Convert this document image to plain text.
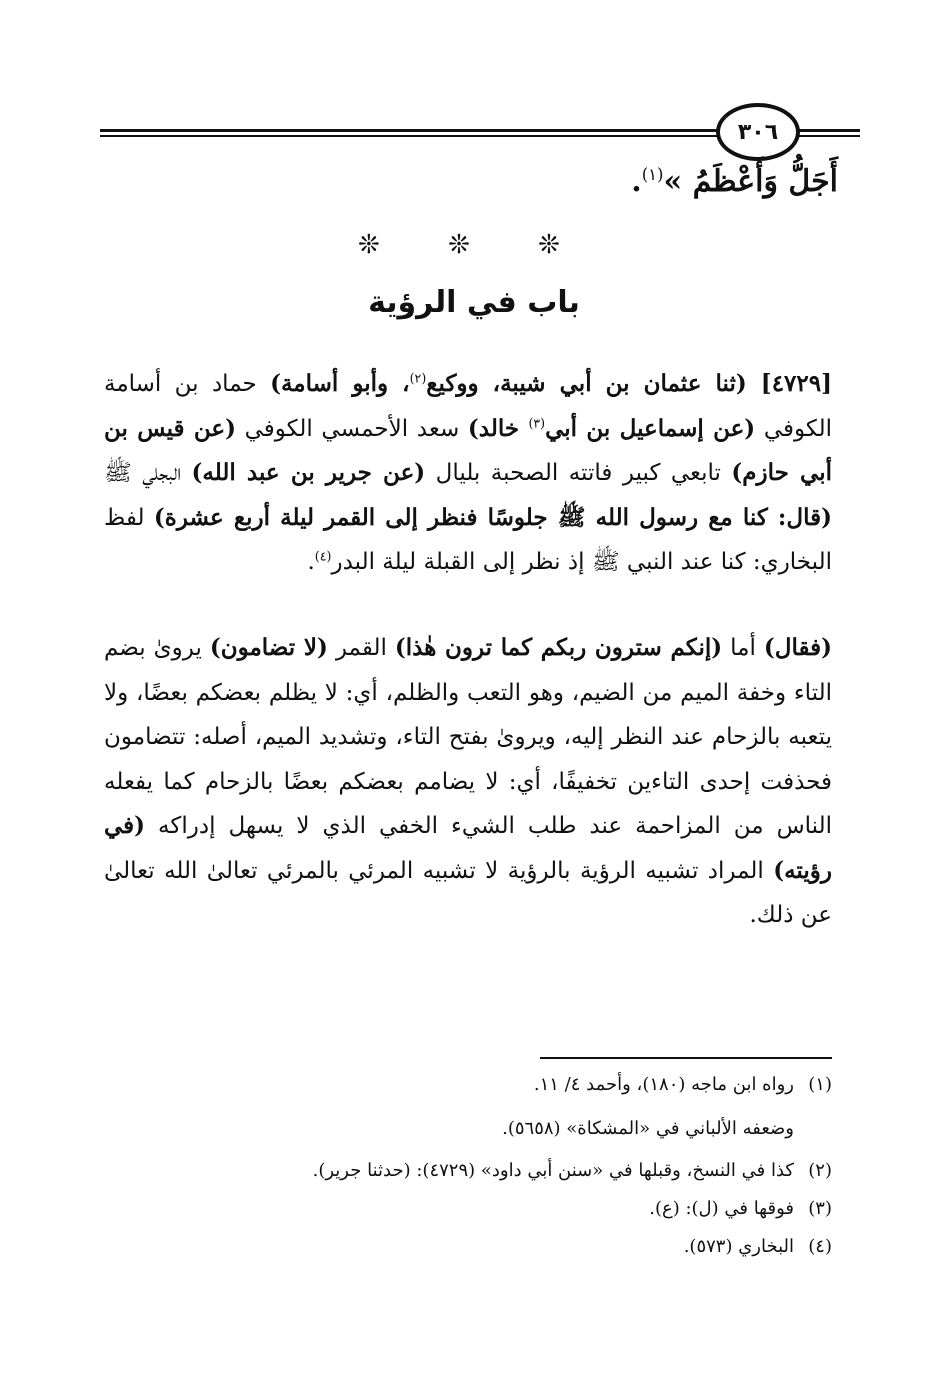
٣٠٦
أَجَلُّ وَأَعْظَمُ »$^{(١)}$.
❊ ❊ ❊
باب في الرؤية
[٤٧٢٩] (ثنا عثمان بن أبي شيبة، ووكيع$^{(٢)}$، وأبو أسامة) حماد بن أسامة الكوفي (عن إسماعيل بن أبي$^{(٣)}$ خالد) سعد الأحمسي الكوفي (عن قيس بن أبي حازم) تابعي كبير فاتته الصحبة بليال (عن جرير بن عبد الله) البجلي ﷺ (قال: كنا مع رسول الله ﷺ جلوسًا فنظر إلى القمر ليلة أربع عشرة) لفظ البخاري: كنا عند النبي ﷺ إذ نظر إلى القبلة ليلة البدر$^{(٤)}$.
(فقال) أما (إنكم سترون ربكم كما ترون هٰذا) القمر (لا تضامون) يروىٰ بضم التاء وخفة الميم من الضيم، وهو التعب والظلم، أي: لا يظلم بعضكم بعضًا، ولا يتعبه بالزحام عند النظر إليه، ويروىٰ بفتح التاء، وتشديد الميم، أصله: تتضامون فحذفت إحدى التاءين تخفيفًا، أي: لا يضامم بعضكم بعضًا بالزحام كما يفعله الناس من المزاحمة عند طلب الشيء الخفي الذي لا يسهل إدراكه (في رؤيته) المراد تشبيه الرؤية بالرؤية لا تشبيه المرئي بالمرئي تعالىٰ الله تعالىٰ عن ذلك.
(١)رواه ابن ماجه (١٨٠)، وأحمد ٤/ ١١.
وضعفه الألباني في «المشكاة» (٥٦٥٨).
(٢)كذا في النسخ، وقبلها في «سنن أبي داود» (٤٧٢٩): (حدثنا جرير).
(٣)فوقها في (ل): (ع).
(٤)البخاري (٥٧٣).
